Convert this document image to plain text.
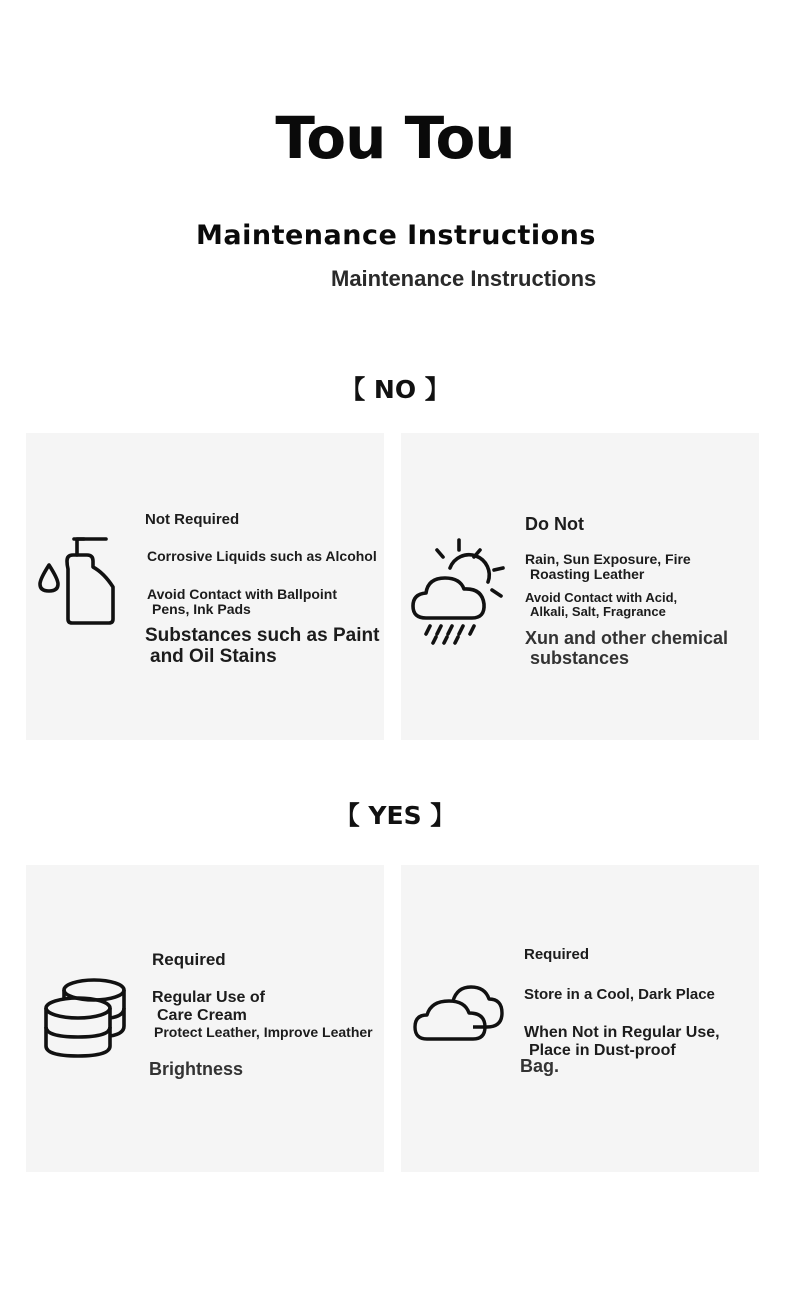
Tou Tou
Maintenance Instructions
Maintenance Instructions
【 NO 】
Not Required
Corrosive Liquids such as Alcohol
Avoid Contact with Ballpoint
Pens, Ink Pads
Substances such as Paint
and Oil Stains
Do Not
Rain, Sun Exposure, Fire
Roasting Leather
Avoid Contact with Acid,
Alkali, Salt, Fragrance
Xun and other chemical
substances
【 YES 】
Required
Regular Use of
Care Cream
Protect Leather, Improve Leather
Brightness
Required
Store in a Cool, Dark Place
When Not in Regular Use,
Place in Dust-proof
Bag.
